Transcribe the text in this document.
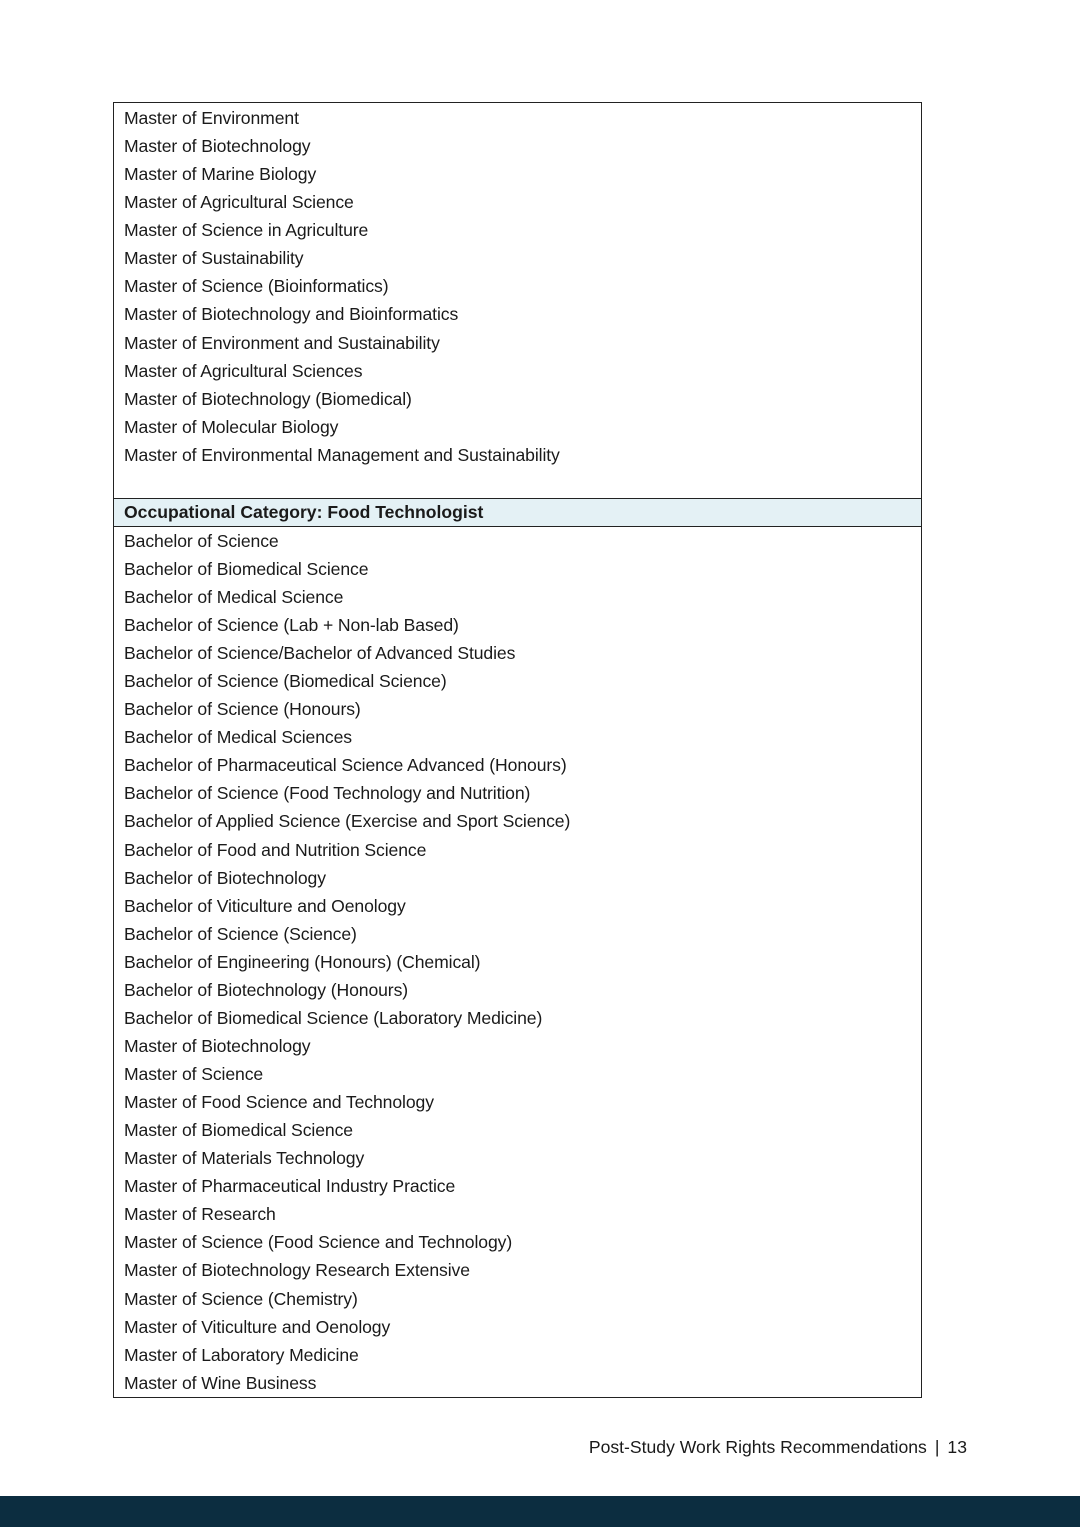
Master of Environment
Master of Biotechnology
Master of Marine Biology
Master of Agricultural Science
Master of Science in Agriculture
Master of Sustainability
Master of Science (Bioinformatics)
Master of Biotechnology and Bioinformatics
Master of Environment and Sustainability
Master of Agricultural Sciences
Master of Biotechnology (Biomedical)
Master of Molecular Biology
Master of Environmental Management and Sustainability
Occupational Category: Food Technologist
Bachelor of Science
Bachelor of Biomedical Science
Bachelor of Medical Science
Bachelor of Science (Lab + Non-lab Based)
Bachelor of Science/Bachelor of Advanced Studies
Bachelor of Science (Biomedical Science)
Bachelor of Science (Honours)
Bachelor of Medical Sciences
Bachelor of Pharmaceutical Science Advanced (Honours)
Bachelor of Science (Food Technology and Nutrition)
Bachelor of Applied Science (Exercise and Sport Science)
Bachelor of Food and Nutrition Science
Bachelor of Biotechnology
Bachelor of Viticulture and Oenology
Bachelor of Science (Science)
Bachelor of Engineering (Honours) (Chemical)
Bachelor of Biotechnology (Honours)
Bachelor of Biomedical Science (Laboratory Medicine)
Master of Biotechnology
Master of Science
Master of Food Science and Technology
Master of Biomedical Science
Master of Materials Technology
Master of Pharmaceutical Industry Practice
Master of Research
Master of Science (Food Science and Technology)
Master of Biotechnology Research Extensive
Master of Science (Chemistry)
Master of Viticulture and Oenology
Master of Laboratory Medicine
Master of Wine Business
Post-Study Work Rights Recommendations | 13
